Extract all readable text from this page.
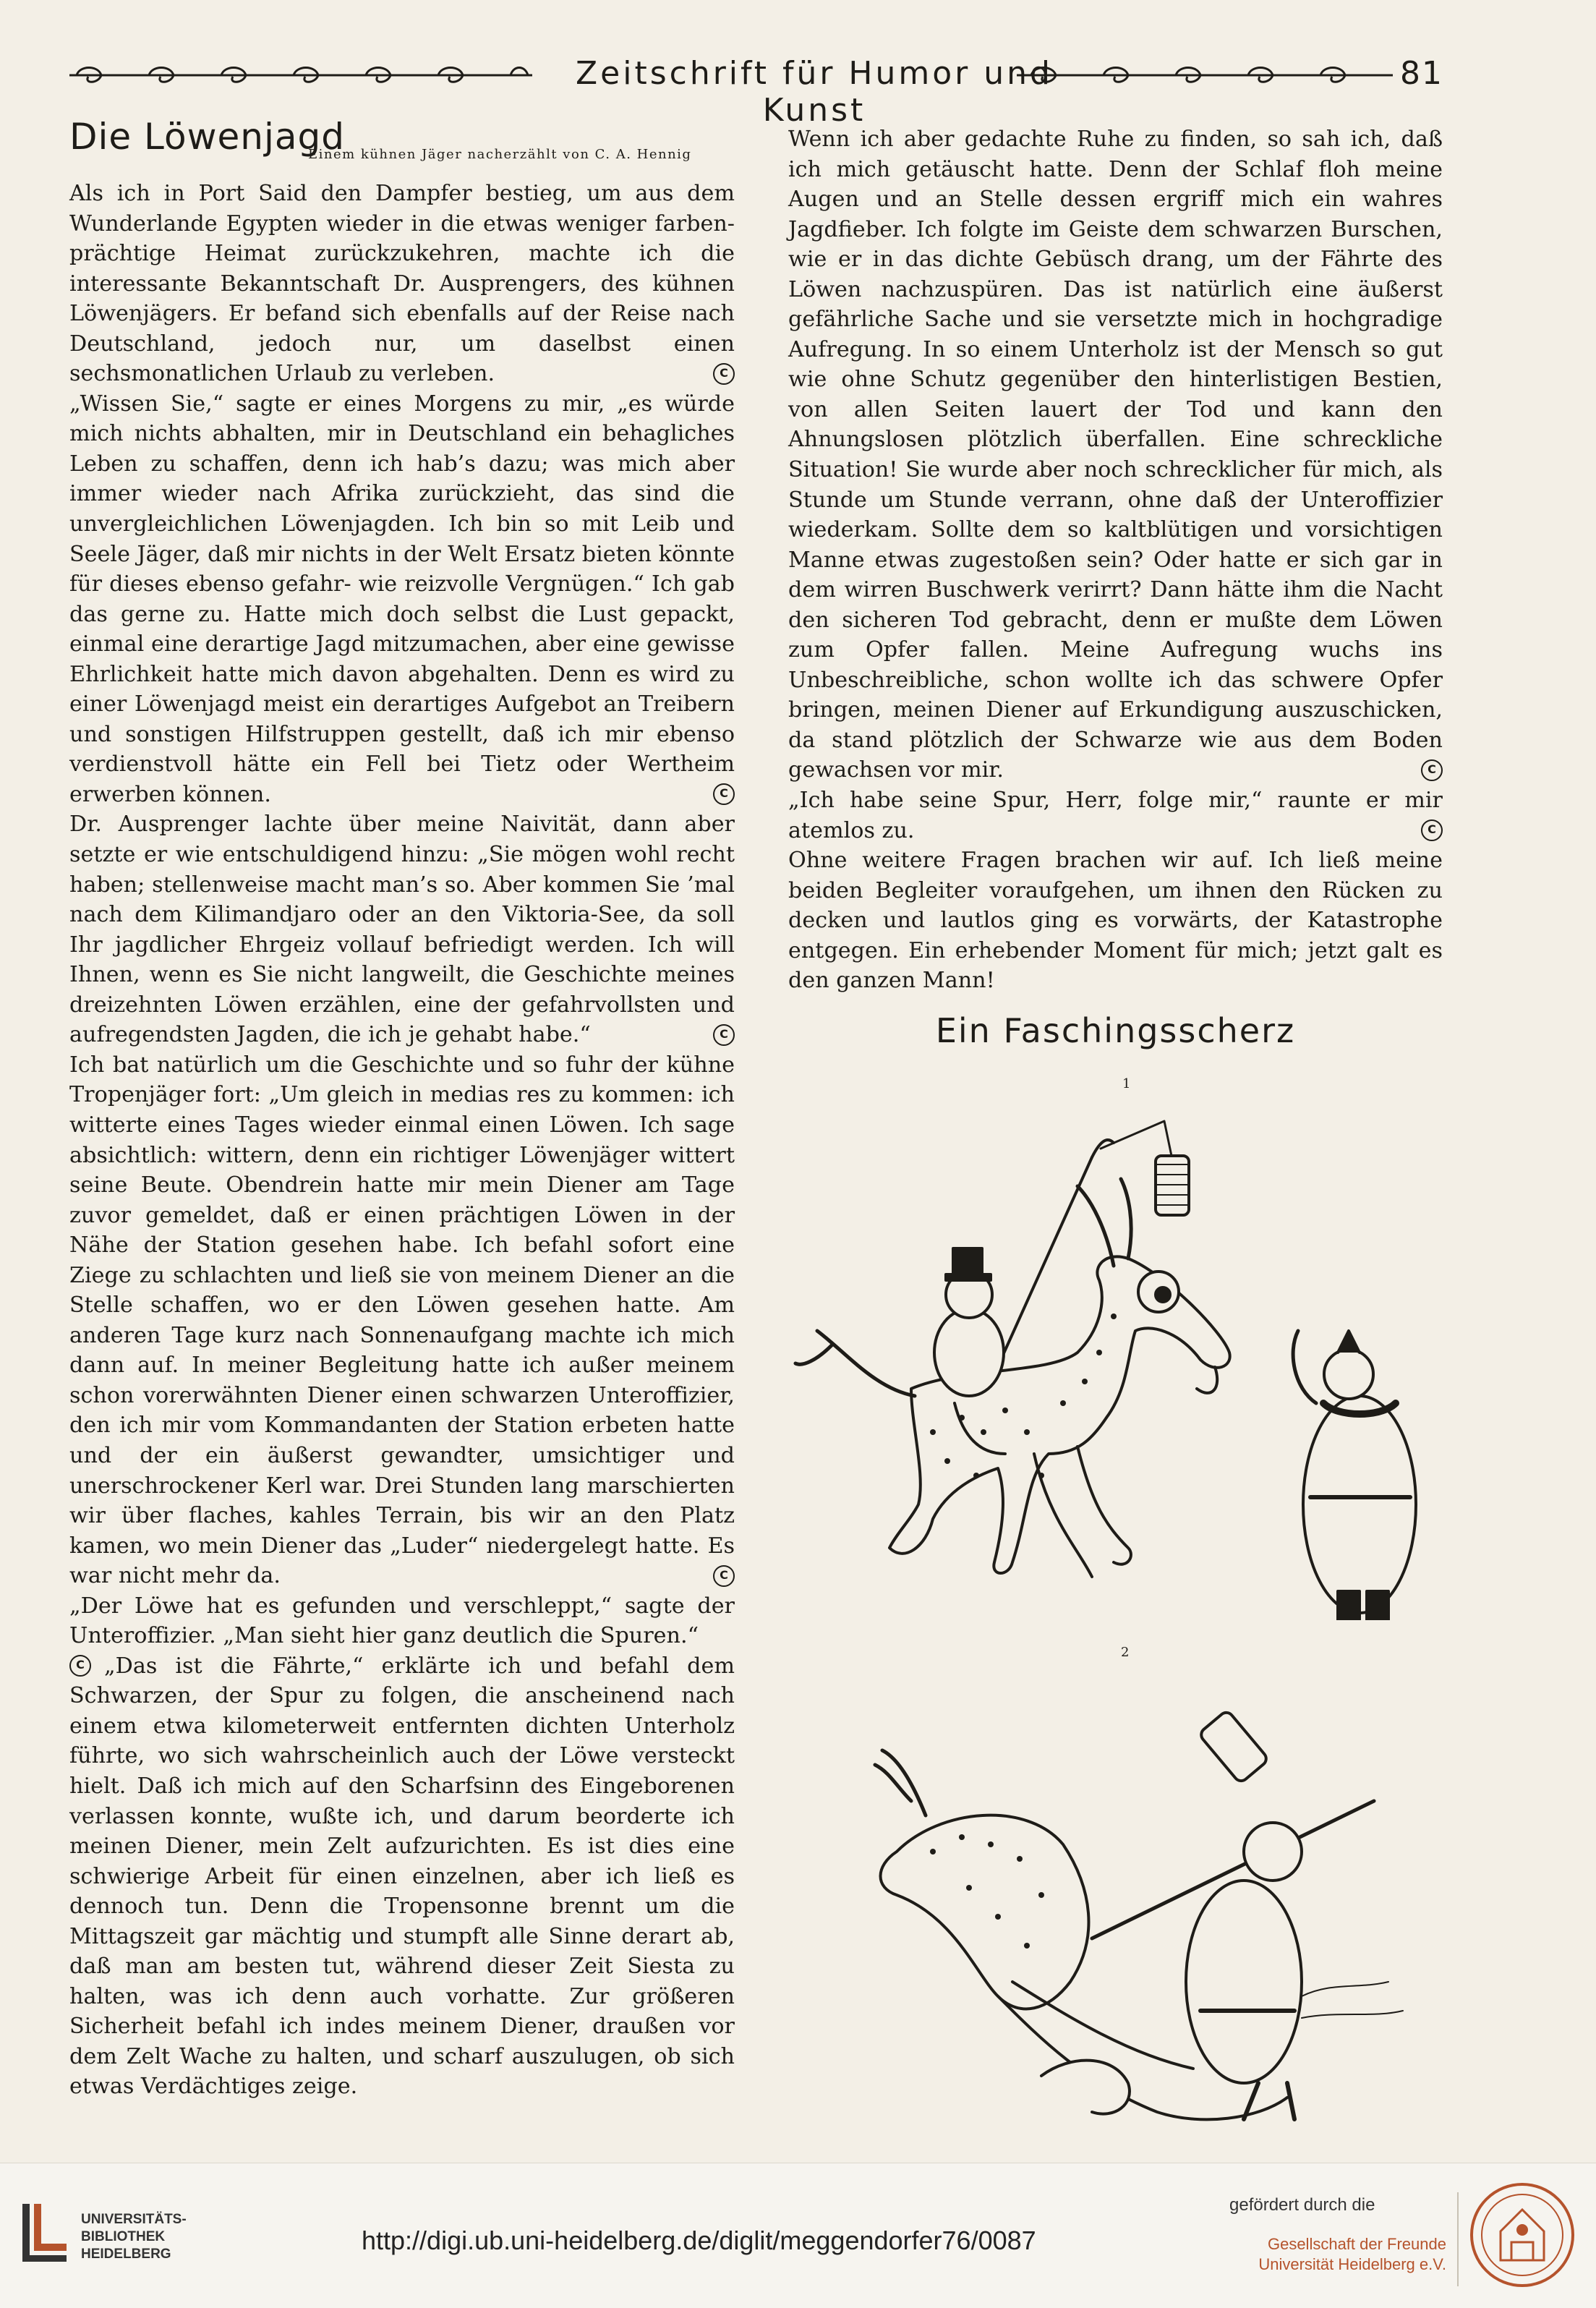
Zeitschrift für Humor und Kunst
81
Die Löwenjagd
Einem kühnen Jäger nacherzählt von C. A. Hennig

Als ich in Port Said den Dampfer bestieg, um aus dem Wunderlande Egypten wieder in die etwas weniger farben-prächtige Heimat zurückzukehren, machte ich die interessante Bekanntschaft Dr. Ausprengers, des kühnen Löwenjägers. Er befand sich ebenfalls auf der Reise nach Deutschland, jedoch nur, um daselbst einen sechsmonatlichen Urlaub zu verleben.	C

„Wissen Sie,“ sagte er eines Morgens zu mir, „es würde mich nichts abhalten, mir in Deutschland ein behagliches Leben zu schaffen, denn ich hab’s dazu; was mich aber immer wieder nach Afrika zurückzieht, das sind die unvergleichlichen Löwenjagden. Ich bin so mit Leib und Seele Jäger, daß mir nichts in der Welt Ersatz bieten könnte für dieses ebenso gefahr- wie reizvolle Vergnügen.“ Ich gab das gerne zu. Hatte mich doch selbst die Lust gepackt, einmal eine derartige Jagd mitzumachen, aber eine gewisse Ehrlichkeit hatte mich davon abgehalten. Denn es wird zu einer Löwenjagd meist ein derartiges Aufgebot an Treibern und sonstigen Hilfstruppen gestellt, daß ich mir ebenso verdienstvoll hätte ein Fell bei Tietz oder Wertheim erwerben können.	C

Dr. Ausprenger lachte über meine Naivität, dann aber setzte er wie entschuldigend hinzu: „Sie mögen wohl recht haben; stellenweise macht man’s so. Aber kommen Sie ’mal nach dem Kilimandjaro oder an den Viktoria-See, da soll Ihr jagdlicher Ehrgeiz vollauf befriedigt werden. Ich will Ihnen, wenn es Sie nicht langweilt, die Geschichte meines dreizehnten Löwen erzählen, eine der gefahrvollsten und aufregendsten Jagden, die ich je gehabt habe.“	C

Ich bat natürlich um die Geschichte und so fuhr der kühne Tropenjäger fort: „Um gleich in medias res zu kommen: ich witterte eines Tages wieder einmal einen Löwen. Ich sage absichtlich: wittern, denn ein richtiger Löwenjäger wittert seine Beute. Obendrein hatte mir mein Diener am Tage zuvor gemeldet, daß er einen prächtigen Löwen in der Nähe der Station gesehen habe. Ich befahl sofort eine Ziege zu schlachten und ließ sie von meinem Diener an die Stelle schaffen, wo er den Löwen gesehen hatte. Am anderen Tage kurz nach Sonnenaufgang machte ich mich dann auf. In meiner Begleitung hatte ich außer meinem schon vorerwähnten Diener einen schwarzen Unteroffizier, den ich mir vom Kommandanten der Station erbeten hatte und der ein äußerst gewandter, umsichtiger und unerschrockener Kerl war. Drei Stunden lang marschierten wir über flaches, kahles Terrain, bis wir an den Platz kamen, wo mein Diener das „Luder“ niedergelegt hatte. Es war nicht mehr da.	C

„Der Löwe hat es gefunden und verschleppt,“ sagte der Unteroffizier. „Man sieht hier ganz deutlich die Spuren.“

C „Das ist die Fährte,“ erklärte ich und befahl dem Schwarzen, der Spur zu folgen, die anscheinend nach einem etwa kilometerweit entfernten dichten Unterholz führte, wo sich wahrscheinlich auch der Löwe versteckt hielt. Daß ich mich auf den Scharfsinn des Eingeborenen verlassen konnte, wußte ich, und darum beorderte ich meinen Diener, mein Zelt aufzurichten. Es ist dies eine schwierige Arbeit für einen einzelnen, aber ich ließ es dennoch tun. Denn die Tropensonne brennt um die Mittagszeit gar mächtig und stumpft alle Sinne derart ab, daß man am besten tut, während dieser Zeit Siesta zu halten, was ich denn auch vorhatte. Zur größeren Sicherheit befahl ich indes meinem Diener, draußen vor dem Zelt Wache zu halten, und scharf auszulugen, ob sich etwas Verdächtiges zeige.

Wenn ich aber gedachte Ruhe zu finden, so sah ich, daß ich mich getäuscht hatte. Denn der Schlaf floh meine Augen und an Stelle dessen ergriff mich ein wahres Jagdfieber. Ich folgte im Geiste dem schwarzen Burschen, wie er in das dichte Gebüsch drang, um der Fährte des Löwen nachzuspüren. Das ist natürlich eine äußerst gefährliche Sache und sie versetzte mich in hochgradige Aufregung. In so einem Unterholz ist der Mensch so gut wie ohne Schutz gegenüber den hinterlistigen Bestien, von allen Seiten lauert der Tod und kann den Ahnungslosen plötzlich überfallen. Eine schreckliche Situation! Sie wurde aber noch schrecklicher für mich, als Stunde um Stunde verrann, ohne daß der Unteroffizier wiederkam. Sollte dem so kaltblütigen und vorsichtigen Manne etwas zugestoßen sein? Oder hatte er sich gar in dem wirren Buschwerk verirrt? Dann hätte ihm die Nacht den sicheren Tod gebracht, denn er mußte dem Löwen zum Opfer fallen. Meine Aufregung wuchs ins Unbeschreibliche, schon wollte ich das schwere Opfer bringen, meinen Diener auf Erkundigung auszuschicken, da stand plötzlich der Schwarze wie aus dem Boden gewachsen vor mir.	C

„Ich habe seine Spur, Herr, folge mir,“ raunte er mir atemlos zu.	C

Ohne weitere Fragen brachen wir auf. Ich ließ meine beiden Begleiter voraufgehen, um ihnen den Rücken zu decken und lautlos ging es vorwärts, der Katastrophe entgegen. Ein erhebender Moment für mich; jetzt galt es den ganzen Mann!

Ein Faschingsscherz
1
2
UNIVERSITÄTS-
BIBLIOTHEK
HEIDELBERG	http://digi.ub.uni-heidelberg.de/diglit/meggendorfer76/0087
gefördert durch die
Gesellschaft der Freunde
Universität Heidelberg e.V.
